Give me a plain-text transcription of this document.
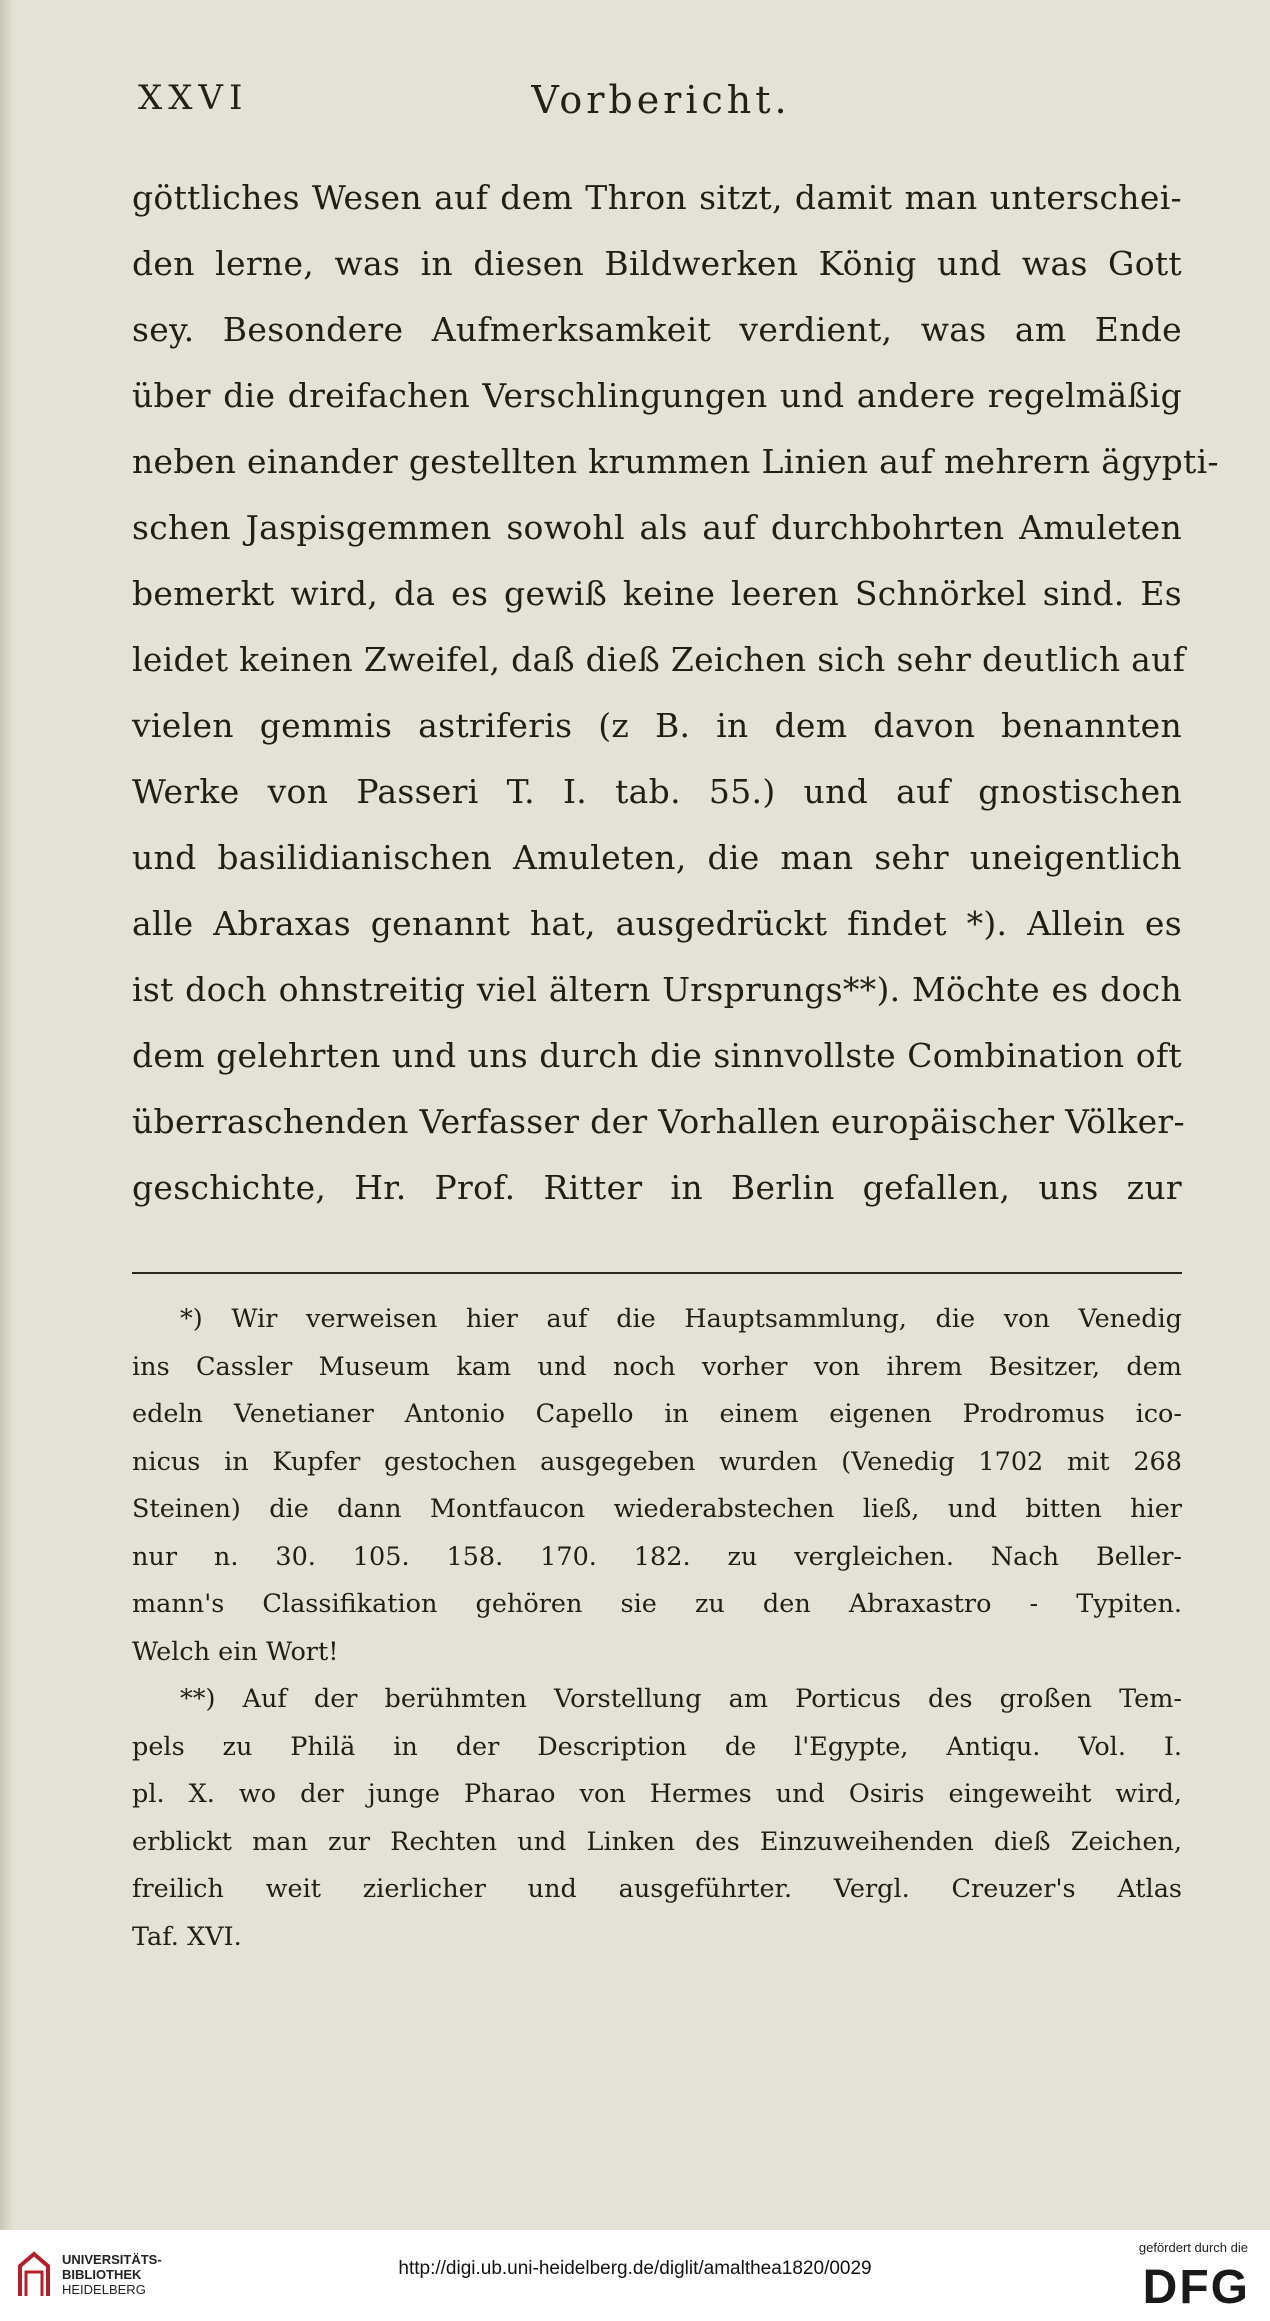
XXVI	Vorbericht.
göttliches Wesen auf dem Thron sitzt, damit man unterschei-
den lerne, was in diesen Bildwerken König und was Gott
sey. Besondere Aufmerksamkeit verdient, was am Ende
über die dreifachen Verschlingungen und andere regelmäßig
neben einander gestellten krummen Linien auf mehrern ägypti-
schen Jaspisgemmen sowohl als auf durchbohrten Amuleten
bemerkt wird, da es gewiß keine leeren Schnörkel sind. Es
leidet keinen Zweifel, daß dieß Zeichen sich sehr deutlich auf
vielen gemmis astriferis (z B. in dem davon benannten
Werke von Passeri T. I. tab. 55.) und auf gnostischen
und basilidianischen Amuleten, die man sehr uneigentlich
alle Abraxas genannt hat, ausgedrückt findet *). Allein es
ist doch ohnstreitig viel ältern Ursprungs**). Möchte es doch
dem gelehrten und uns durch die sinnvollste Combination oft
überraschenden Verfasser der Vorhallen europäischer Völker-
geschichte, Hr. Prof. Ritter in Berlin gefallen, uns zur
*) Wir verweisen hier auf die Hauptsammlung, die von Venedig
ins Cassler Museum kam und noch vorher von ihrem Besitzer, dem
edeln Venetianer Antonio Capello in einem eigenen Prodromus ico-
nicus in Kupfer gestochen ausgegeben wurden (Venedig 1702 mit 268
Steinen) die dann Montfaucon wiederabstechen ließ, und bitten hier
nur n. 30. 105. 158. 170. 182. zu vergleichen. Nach Beller-
mann's Classifikation gehören sie zu den Abraxastro - Typiten.
Welch ein Wort!
**) Auf der berühmten Vorstellung am Porticus des großen Tem-
pels zu Philä in der Description de l'Egypte, Antiqu. Vol. I.
pl. X. wo der junge Pharao von Hermes und Osiris eingeweiht wird,
erblickt man zur Rechten und Linken des Einzuweihenden dieß Zeichen,
freilich weit zierlicher und ausgeführter. Vergl. Creuzer's Atlas
Taf. XVI.
UNIVERSITÄTS-
BIBLIOTHEK
HEIDELBERG
http://digi.ub.uni-heidelberg.de/diglit/amalthea1820/0029
gefördert durch die
DFG
